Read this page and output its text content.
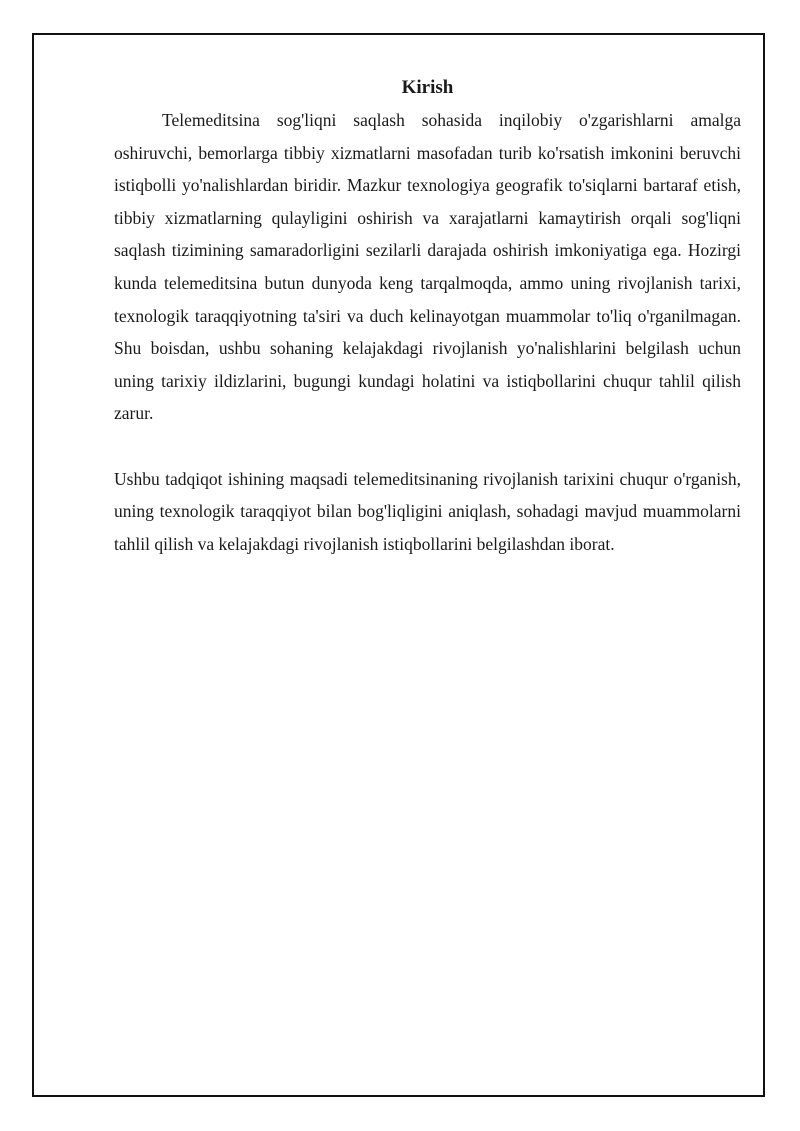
Kirish

Telemeditsina sog'liqni saqlash sohasida inqilobiy o'zgarishlarni amalga oshiruvchi, bemorlarga tibbiy xizmatlarni masofadan turib ko'rsatish imkonini beruvchi istiqbolli yo'nalishlardan biridir. Mazkur texnologiya geografik to'siqlarni bartaraf etish, tibbiy xizmatlarning qulayligini oshirish va xarajatlarni kamaytirish orqali sog'liqni saqlash tizimining samaradorligini sezilarli darajada oshirish imkoniyatiga ega. Hozirgi kunda telemeditsina butun dunyoda keng tarqalmoqda, ammo uning rivojlanish tarixi, texnologik taraqqiyotning ta'siri va duch kelinayotgan muammolar to'liq o'rganilmagan. Shu boisdan, ushbu sohaning kelajakdagi rivojlanish yo'nalishlarini belgilash uchun uning tarixiy ildizlarini, bugungi kundagi holatini va istiqbollarini chuqur tahlil qilish zarur.

Ushbu tadqiqot ishining maqsadi telemeditsinaning rivojlanish tarixini chuqur o'rganish, uning texnologik taraqqiyot bilan bog'liqligini aniqlash, sohadagi mavjud muammolarni tahlil qilish va kelajakdagi rivojlanish istiqbollarini belgilashdan iborat.
